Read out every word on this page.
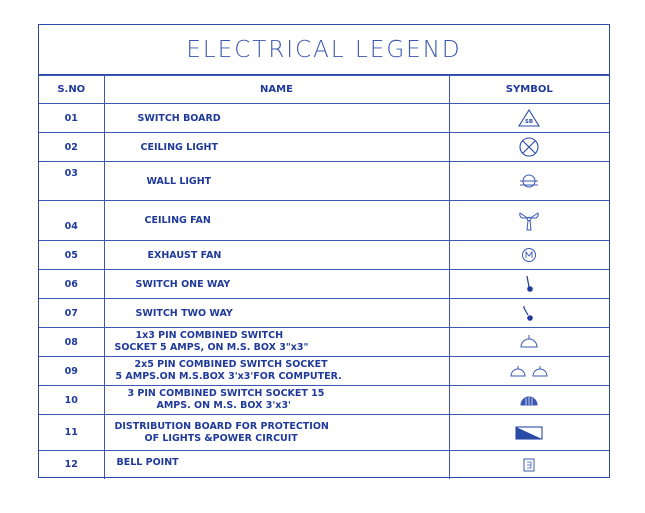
ELECTRICAL LEGEND
S.NO	NAME	SYMBOL
01	SWITCH BOARD	SB

02	CEILING LIGHT	

03	WALL LIGHT	

04	CEILING FAN	

05	EXHAUST FAN	

06	SWITCH ONE WAY	

07	SWITCH TWO WAY	

08	1x3 PIN COMBINED SWITCH
SOCKET 5 AMPS, ON M.S. BOX 3"x3"

09	2x5 PIN COMBINED SWITCH SOCKET
5 AMPS.ON M.S.BOX 3'x3'FOR COMPUTER.

10	3 PIN COMBINED SWITCH SOCKET 15
AMPS. ON M.S. BOX 3'x3'

11	DISTRIBUTION BOARD FOR PROTECTION
OF LIGHTS &POWER CIRCUIT

12	BELL POINT	
